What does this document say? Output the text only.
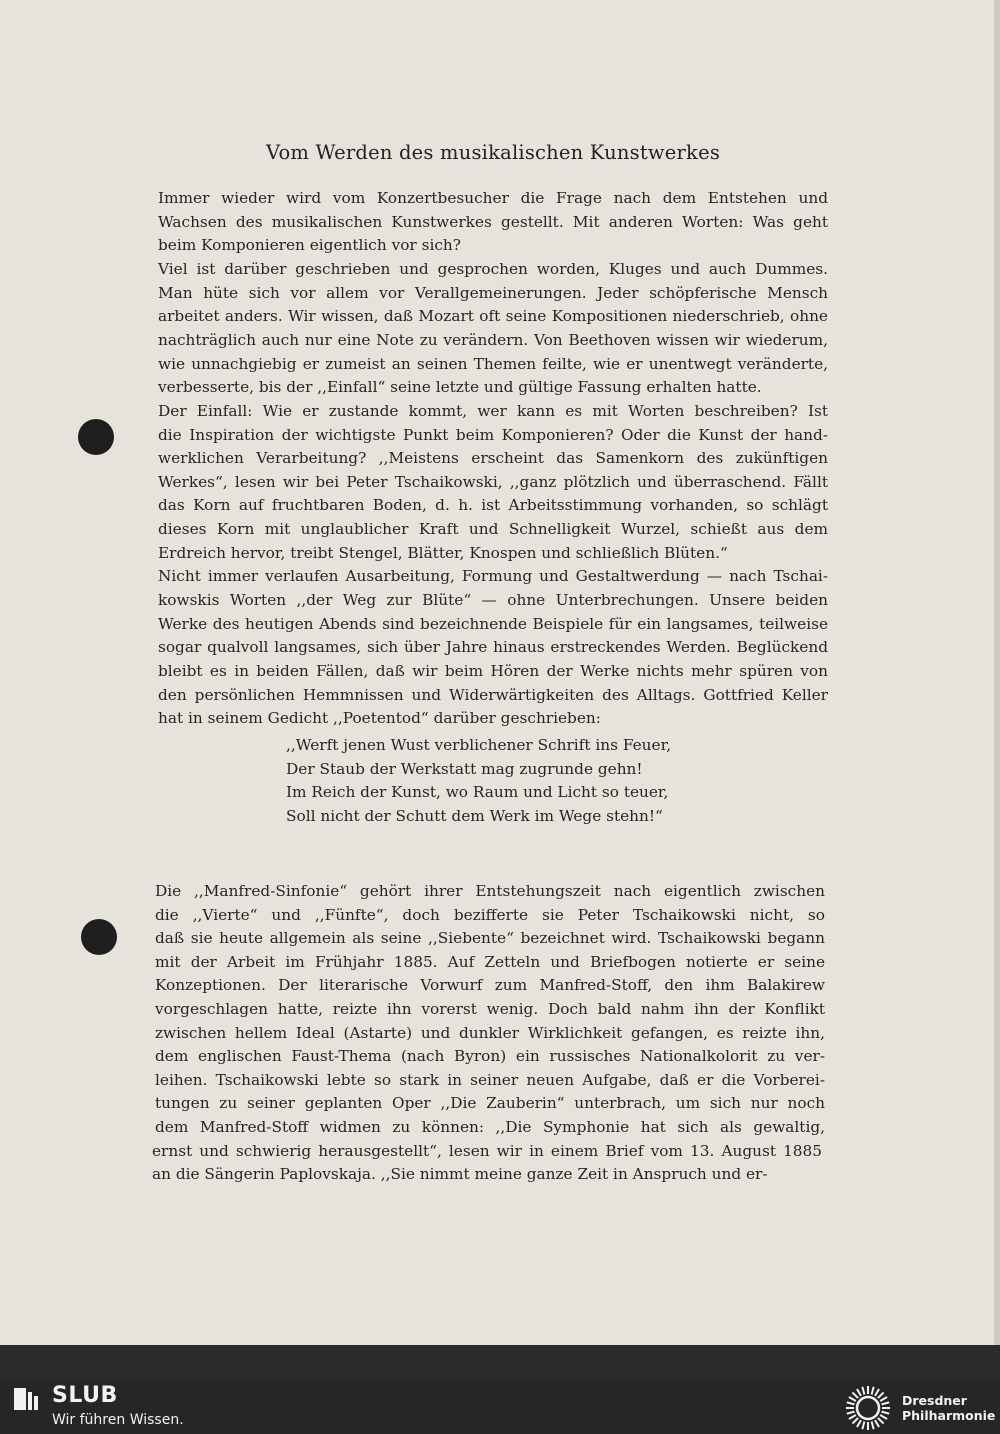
Vom Werden des musikalischen Kunstwerkes
Immer wieder wird vom Konzertbesucher die Frage nach dem Entstehen und
Wachsen des musikalischen Kunstwerkes gestellt. Mit anderen Worten: Was geht
beim Komponieren eigentlich vor sich?
Viel ist darüber geschrieben und gesprochen worden, Kluges und auch Dummes.
Man hüte sich vor allem vor Verallgemeinerungen. Jeder schöpferische Mensch
arbeitet anders. Wir wissen, daß Mozart oft seine Kompositionen niederschrieb, ohne
nachträglich auch nur eine Note zu verändern. Von Beethoven wissen wir wiederum,
wie unnachgiebig er zumeist an seinen Themen feilte, wie er unentwegt veränderte,
verbesserte, bis der ,,Einfall“ seine letzte und gültige Fassung erhalten hatte.
Der Einfall: Wie er zustande kommt, wer kann es mit Worten beschreiben? Ist
die Inspiration der wichtigste Punkt beim Komponieren? Oder die Kunst der hand-
werklichen Verarbeitung? ,,Meistens erscheint das Samenkorn des zukünftigen
Werkes“, lesen wir bei Peter Tschaikowski, ,,ganz plötzlich und überraschend. Fällt
das Korn auf fruchtbaren Boden, d. h. ist Arbeitsstimmung vorhanden, so schlägt
dieses Korn mit unglaublicher Kraft und Schnelligkeit Wurzel, schießt aus dem
Erdreich hervor, treibt Stengel, Blätter, Knospen und schließlich Blüten.“
Nicht immer verlaufen Ausarbeitung, Formung und Gestaltwerdung — nach Tschai-
kowskis Worten ,,der Weg zur Blüte“ — ohne Unterbrechungen. Unsere beiden
Werke des heutigen Abends sind bezeichnende Beispiele für ein langsames, teilweise
sogar qualvoll langsames, sich über Jahre hinaus erstreckendes Werden. Beglückend
bleibt es in beiden Fällen, daß wir beim Hören der Werke nichts mehr spüren von
den persönlichen Hemmnissen und Widerwärtigkeiten des Alltags. Gottfried Keller
hat in seinem Gedicht ,,Poetentod“ darüber geschrieben:
,,Werft jenen Wust verblichener Schrift ins Feuer,
Der Staub der Werkstatt mag zugrunde gehn!
Im Reich der Kunst, wo Raum und Licht so teuer,
Soll nicht der Schutt dem Werk im Wege stehn!“
Die ,,Manfred-Sinfonie“ gehört ihrer Entstehungszeit nach eigentlich zwischen
die ,,Vierte“ und ,,Fünfte“, doch bezifferte sie Peter Tschaikowski nicht, so
daß sie heute allgemein als seine ,,Siebente“ bezeichnet wird. Tschaikowski begann
mit der Arbeit im Frühjahr 1885. Auf Zetteln und Briefbogen notierte er seine
Konzeptionen. Der literarische Vorwurf zum Manfred-Stoff, den ihm Balakirew
vorgeschlagen hatte, reizte ihn vorerst wenig. Doch bald nahm ihn der Konflikt
zwischen hellem Ideal (Astarte) und dunkler Wirklichkeit gefangen, es reizte ihn,
dem englischen Faust-Thema (nach Byron) ein russisches Nationalkolorit zu ver-
leihen. Tschaikowski lebte so stark in seiner neuen Aufgabe, daß er die Vorberei-
tungen zu seiner geplanten Oper ,,Die Zauberin“ unterbrach, um sich nur noch
dem Manfred-Stoff widmen zu können: ,,Die Symphonie hat sich als gewaltig,
ernst und schwierig herausgestellt“, lesen wir in einem Brief vom 13. August 1885
an die Sängerin Paplovskaja. ,,Sie nimmt meine ganze Zeit in Anspruch und er-
SLUB
Wir führen Wissen.
Dresdner
Philharmonie
